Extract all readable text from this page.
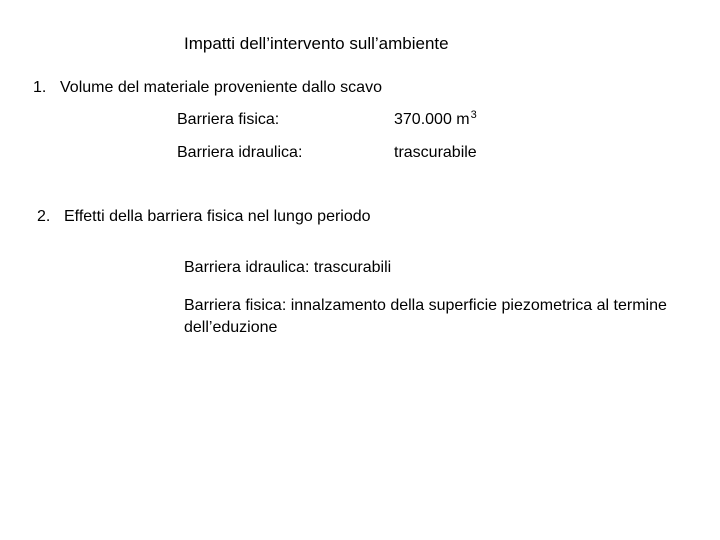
Impatti dell’intervento sull’ambiente
1. Volume del materiale proveniente dallo scavo
Barriera fisica:	370.000 $m^3$
Barriera idraulica:	trascurabile
2. Effetti della barriera fisica nel lungo periodo
Barriera idraulica: trascurabili
Barriera fisica: innalzamento della superficie piezometrica al termine dell’eduzione
